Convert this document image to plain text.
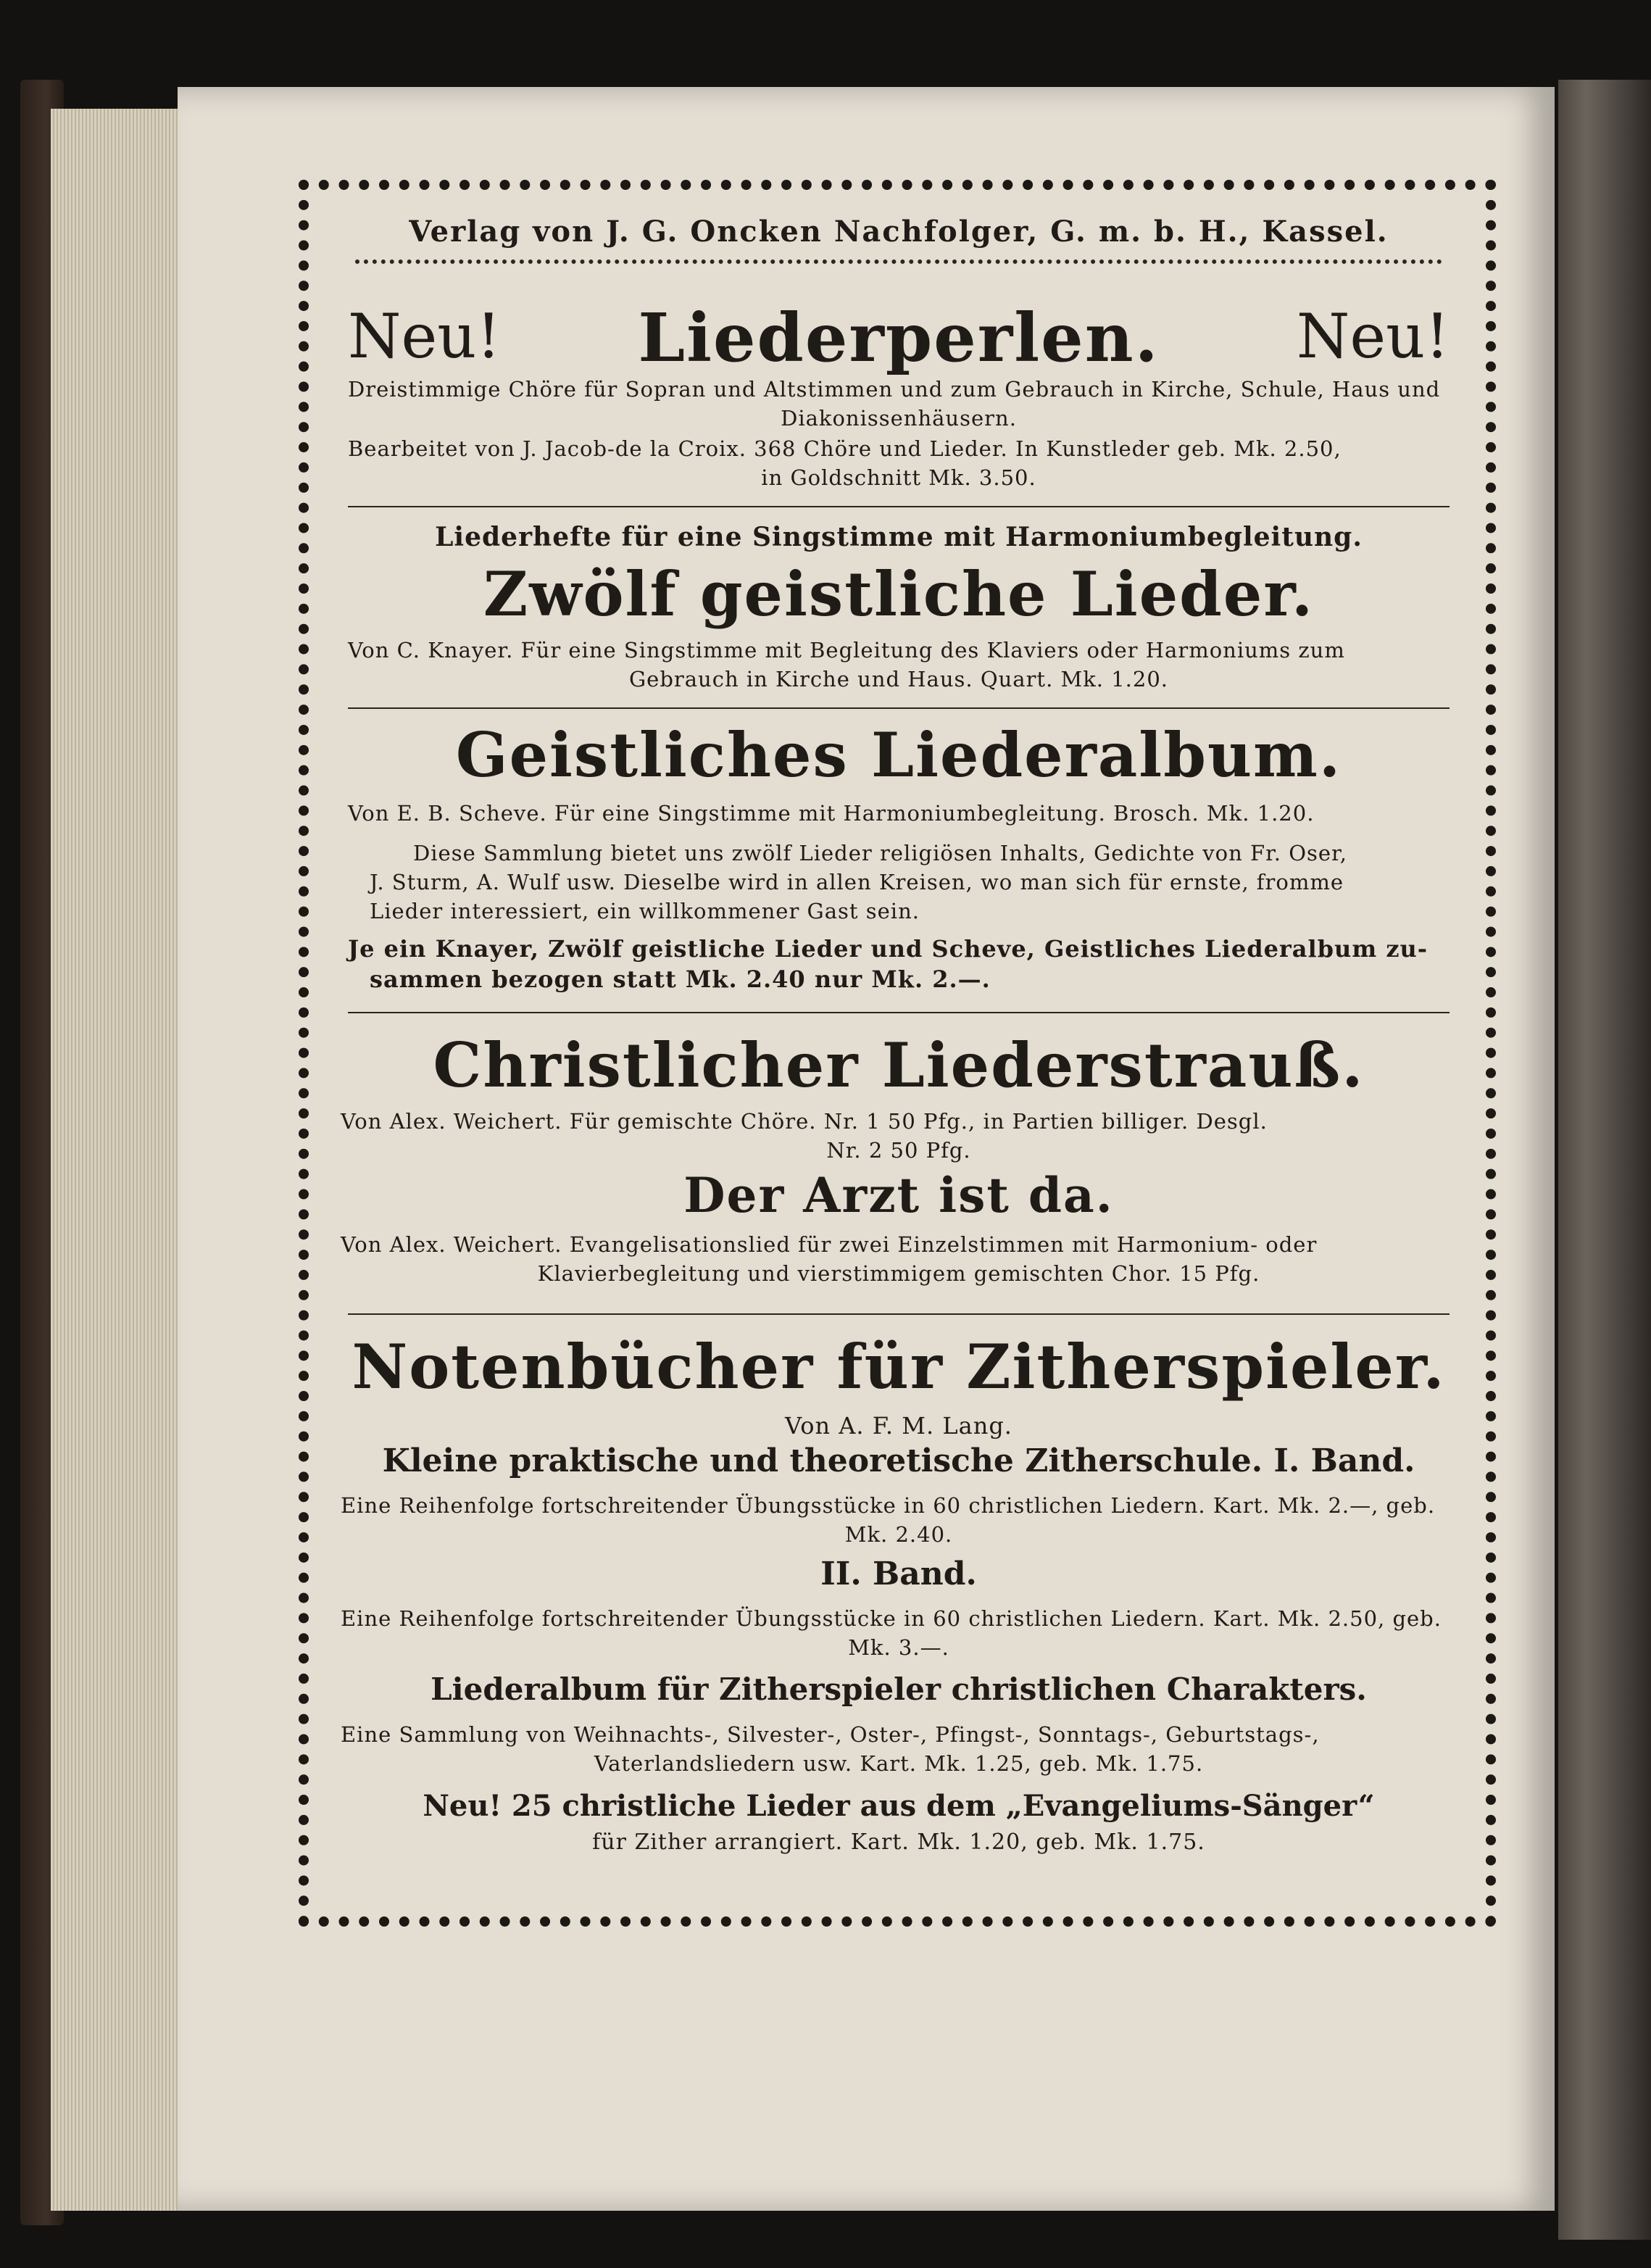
Verlag von J. G. Oncken Nachfolger, G. m. b. H., Kassel.
Neu!	Liederperlen.	Neu!
Dreistimmige Chöre für Sopran und Altstimmen und zum Gebrauch in Kirche, Schule, Haus und
Diakonissenhäusern.
Bearbeitet von J. Jacob-de la Croix. 368 Chöre und Lieder. In Kunstleder geb. Mk. 2.50,
in Goldschnitt Mk. 3.50.
Liederhefte für eine Singstimme mit Harmoniumbegleitung.
Zwölf geistliche Lieder.
Von C. Knayer. Für eine Singstimme mit Begleitung des Klaviers oder Harmoniums zum
Gebrauch in Kirche und Haus. Quart. Mk. 1.20.
Geistliches Liederalbum.
Von E. B. Scheve. Für eine Singstimme mit Harmoniumbegleitung. Brosch. Mk. 1.20.
Diese Sammlung bietet uns zwölf Lieder religiösen Inhalts, Gedichte von Fr. Oser,
J. Sturm, A. Wulf usw. Dieselbe wird in allen Kreisen, wo man sich für ernste, fromme
Lieder interessiert, ein willkommener Gast sein.
Je ein Knayer, Zwölf geistliche Lieder und Scheve, Geistliches Liederalbum zu-
sammen bezogen statt Mk. 2.40 nur Mk. 2.—.
Christlicher Liederstrauß.
Von Alex. Weichert. Für gemischte Chöre. Nr. 1 50 Pfg., in Partien billiger. Desgl.
Nr. 2 50 Pfg.
Der Arzt ist da.
Von Alex. Weichert. Evangelisationslied für zwei Einzelstimmen mit Harmonium- oder
Klavierbegleitung und vierstimmigem gemischten Chor. 15 Pfg.
Notenbücher für Zitherspieler.
Von A. F. M. Lang.
Kleine praktische und theoretische Zitherschule. I. Band.
Eine Reihenfolge fortschreitender Übungsstücke in 60 christlichen Liedern. Kart. Mk. 2.—, geb.
Mk. 2.40.
II. Band.
Eine Reihenfolge fortschreitender Übungsstücke in 60 christlichen Liedern. Kart. Mk. 2.50, geb.
Mk. 3.—.
Liederalbum für Zitherspieler christlichen Charakters.
Eine Sammlung von Weihnachts-, Silvester-, Oster-, Pfingst-, Sonntags-, Geburtstags-,
Vaterlandsliedern usw. Kart. Mk. 1.25, geb. Mk. 1.75.
Neu! 25 christliche Lieder aus dem „Evangeliums-Sänger“
für Zither arrangiert. Kart. Mk. 1.20, geb. Mk. 1.75.
